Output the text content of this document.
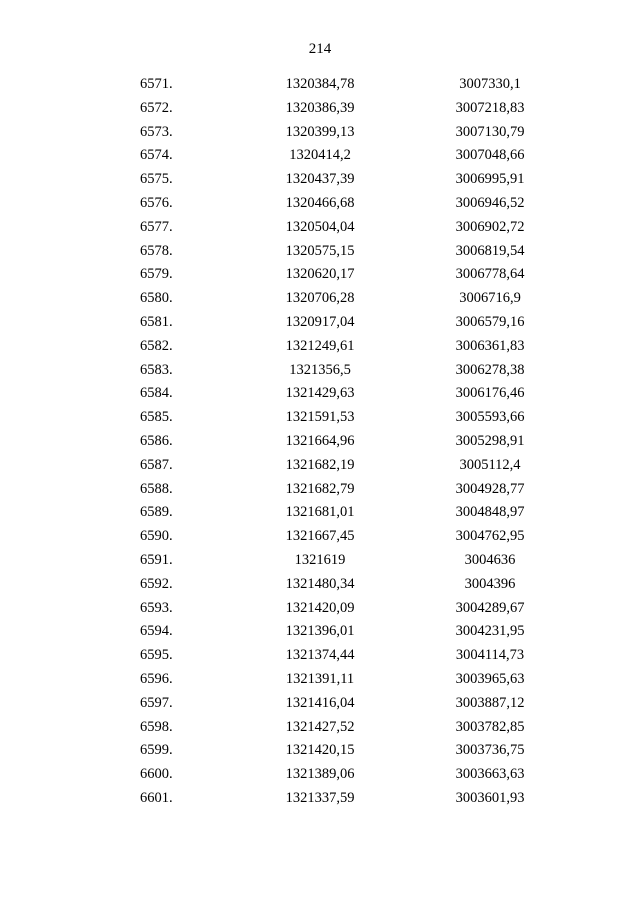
214
6571.	1320384,78	3007330,1
6572.	1320386,39	3007218,83
6573.	1320399,13	3007130,79
6574.	1320414,2	3007048,66
6575.	1320437,39	3006995,91
6576.	1320466,68	3006946,52
6577.	1320504,04	3006902,72
6578.	1320575,15	3006819,54
6579.	1320620,17	3006778,64
6580.	1320706,28	3006716,9
6581.	1320917,04	3006579,16
6582.	1321249,61	3006361,83
6583.	1321356,5	3006278,38
6584.	1321429,63	3006176,46
6585.	1321591,53	3005593,66
6586.	1321664,96	3005298,91
6587.	1321682,19	3005112,4
6588.	1321682,79	3004928,77
6589.	1321681,01	3004848,97
6590.	1321667,45	3004762,95
6591.	1321619	3004636
6592.	1321480,34	3004396
6593.	1321420,09	3004289,67
6594.	1321396,01	3004231,95
6595.	1321374,44	3004114,73
6596.	1321391,11	3003965,63
6597.	1321416,04	3003887,12
6598.	1321427,52	3003782,85
6599.	1321420,15	3003736,75
6600.	1321389,06	3003663,63
6601.	1321337,59	3003601,93
